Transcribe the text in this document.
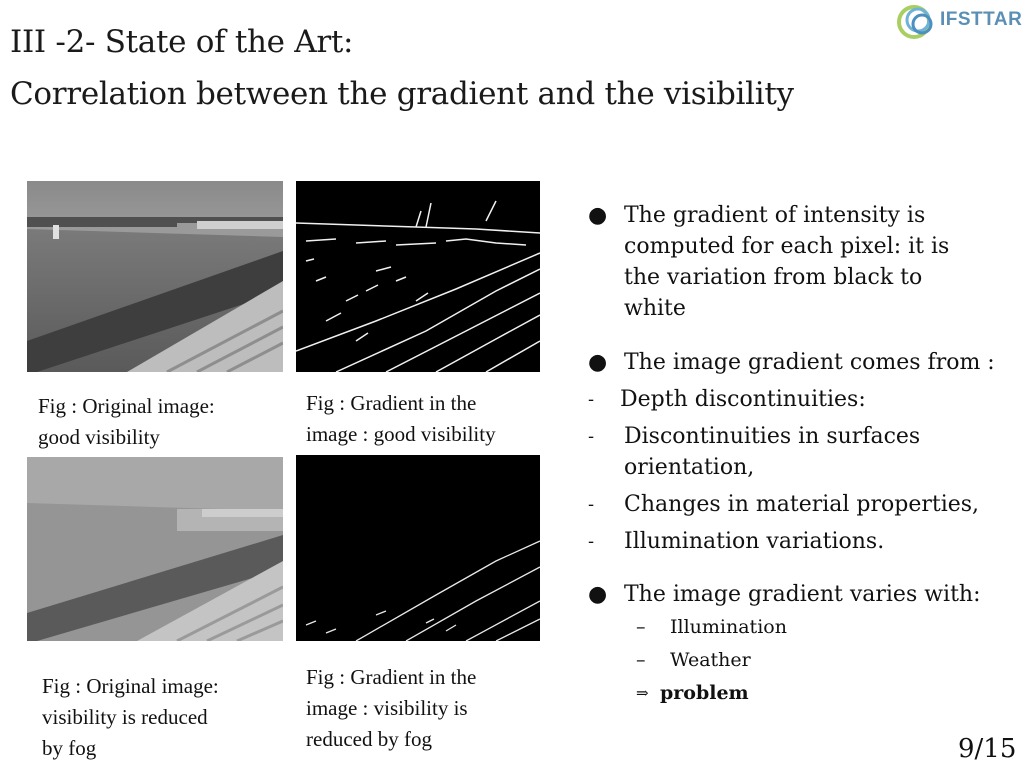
III -2- State of the Art:
Correlation between the gradient and the visibility
IFSTTAR
Fig : Original image:
good visibility
Fig : Gradient in the
image : good visibility
Fig : Original image:
visibility is reduced
by fog
Fig : Gradient in the
image : visibility is
reduced by fog
● The gradient of intensity is
computed for each pixel: it is
the variation from black to
white
● The image gradient comes from :
- Depth discontinuities:
- Discontinuities in surfaces
orientation,
- Changes in material properties,
- Illumination variations.
● The image gradient varies with:
– Illumination
– Weather
⇒ problem
9/15
